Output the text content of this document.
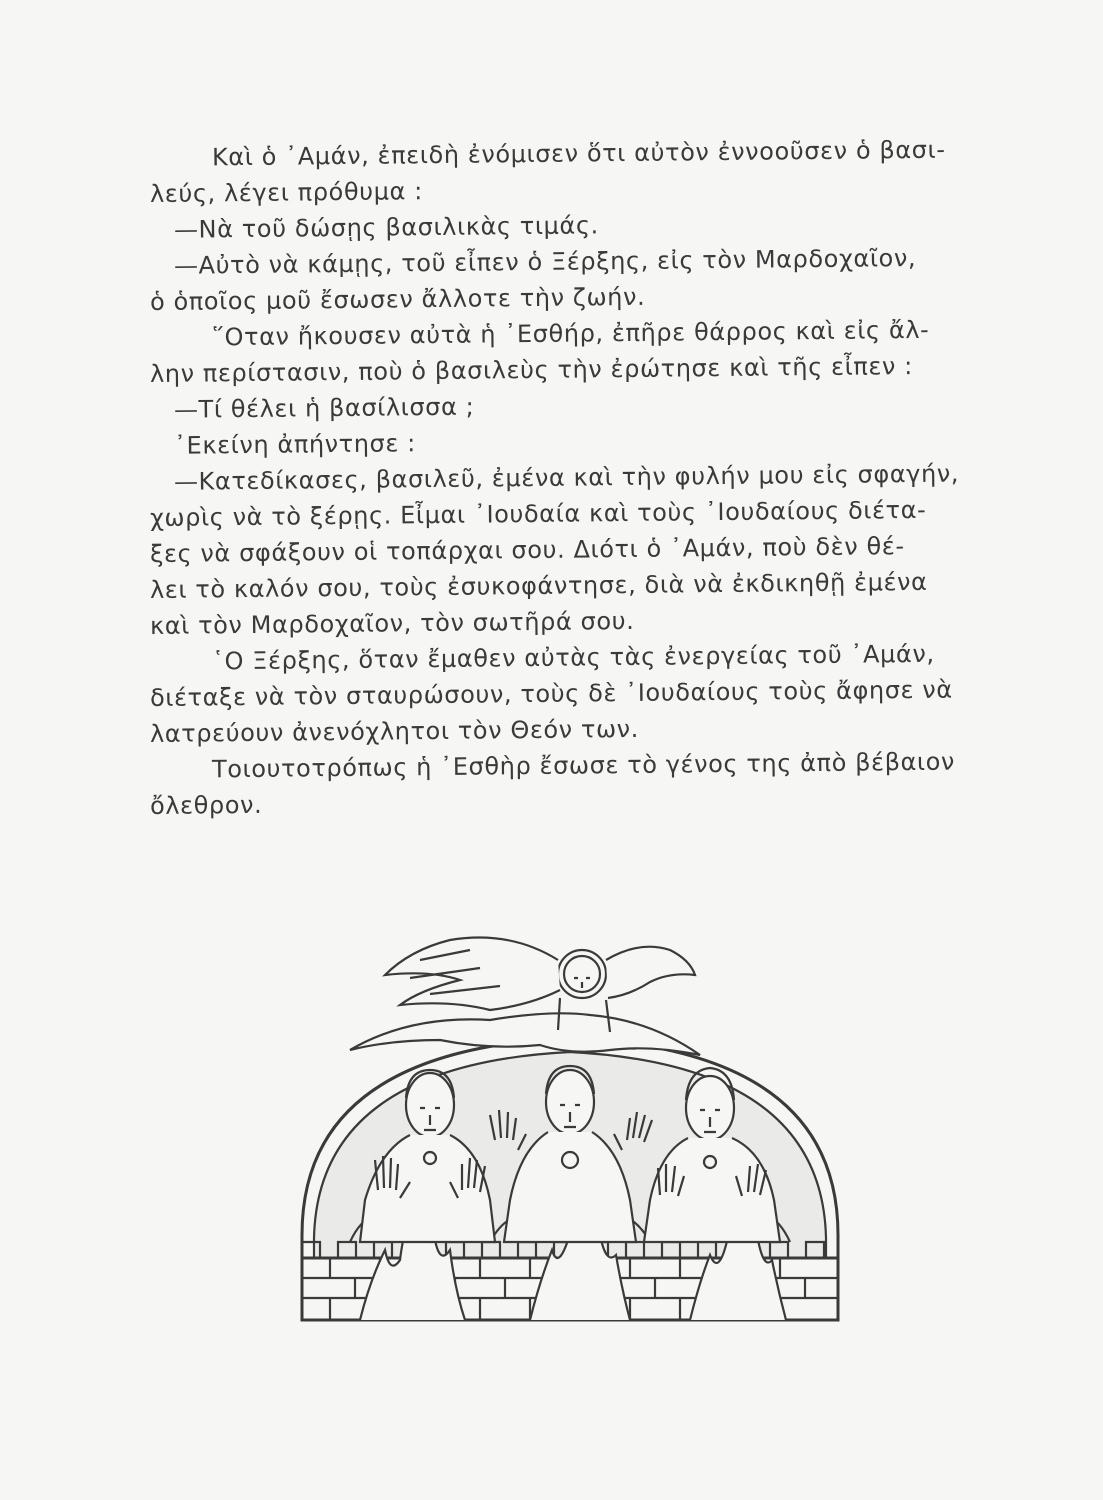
Καὶ ὁ ᾽Αμάν, ἐπειδὴ ἐνόμισεν ὅτι αὐτὸν ἐννοοῦσεν ὁ βασι-
λεύς, λέγει πρόθυμα :
—Νὰ τοῦ δώσῃς βασιλικὰς τιμάς.
—Αὐτὸ νὰ κάμῃς, τοῦ εἶπεν ὁ Ξέρξης, εἰς τὸν Μαρδοχαῖον,
ὁ ὁποῖος μοῦ ἔσωσεν ἄλλοτε τὴν ζωήν.
῞Οταν ἤκουσεν αὐτὰ ἡ ᾽Εσθήρ, ἐπῆρε θάρρος καὶ εἰς ἄλ-
λην περίστασιν, ποὺ ὁ βασιλεὺς τὴν ἐρώτησε καὶ τῆς εἶπεν :
—Τί θέλει ἡ βασίλισσα ;
᾽Εκείνη ἀπήντησε :
—Κατεδίκασες, βασιλεῦ, ἐμένα καὶ τὴν φυλήν μου εἰς σφαγήν,
χωρὶς νὰ τὸ ξέρῃς. Εἶμαι ᾽Ιουδαία καὶ τοὺς ᾽Ιουδαίους διέτα-
ξες νὰ σφάξουν οἱ τοπάρχαι σου. Διότι ὁ ᾽Αμάν, ποὺ δὲν θέ-
λει τὸ καλόν σου, τοὺς ἐσυκοφάντησε, διὰ νὰ ἐκδικηθῇ ἐμένα
καὶ τὸν Μαρδοχαῖον, τὸν σωτῆρά σου.
῾Ο Ξέρξης, ὅταν ἔμαθεν αὐτὰς τὰς ἐνεργείας τοῦ ᾽Αμάν,
διέταξε νὰ τὸν σταυρώσουν, τοὺς δὲ ᾽Ιουδαίους τοὺς ἄφησε νὰ
λατρεύουν ἀνενόχλητοι τὸν Θεόν των.
Τοιουτοτρόπως ἡ ᾽Εσθὴρ ἔσωσε τὸ γένος της ἀπὸ βέβαιον
ὄλεθρον.
